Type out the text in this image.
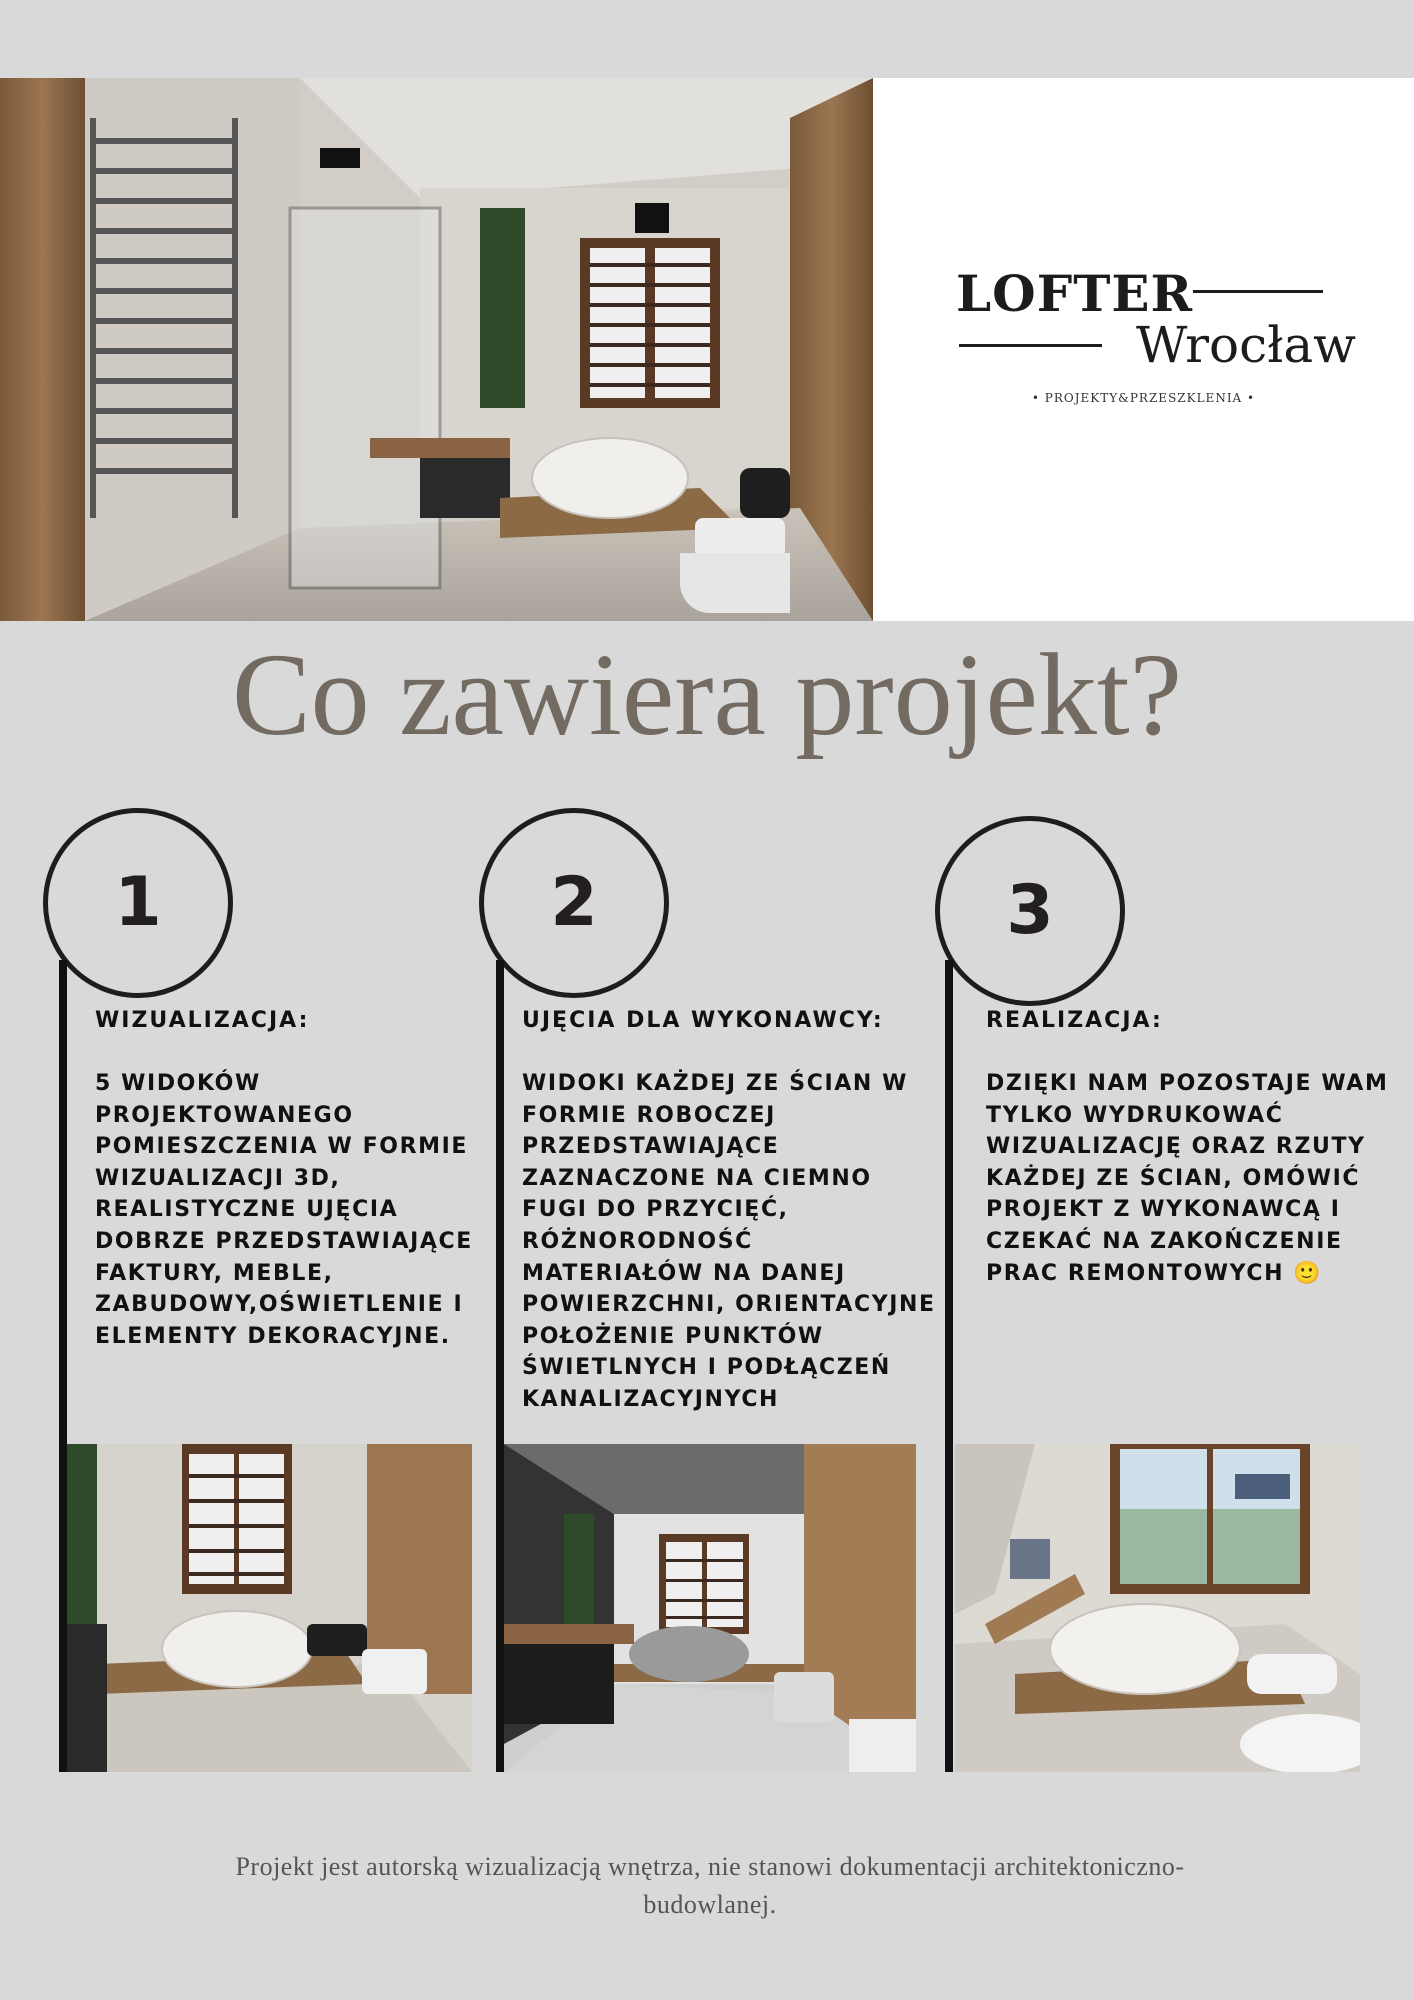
LOFTER
Wrocław
• PROJEKTY&PRZESZKLENIA •
Co zawiera projekt?
1
WIZUALIZACJA:
5 WIDOKÓW
PROJEKTOWANEGO
POMIESZCZENIA W FORMIE
WIZUALIZACJI 3D,
REALISTYCZNE UJĘCIA
DOBRZE PRZEDSTAWIAJĄCE
FAKTURY, MEBLE,
ZABUDOWY,OŚWIETLENIE I
ELEMENTY DEKORACYJNE.
2
UJĘCIA DLA WYKONAWCY:
WIDOKI KAŻDEJ ZE ŚCIAN W
FORMIE ROBOCZEJ
PRZEDSTAWIAJĄCE
ZAZNACZONE NA CIEMNO
FUGI DO PRZYCIĘĆ,
RÓŻNORODNOŚĆ
MATERIAŁÓW NA DANEJ
POWIERZCHNI, ORIENTACYJNE
POŁOŻENIE PUNKTÓW
ŚWIETLNYCH I PODŁĄCZEŃ
KANALIZACYJNYCH
3
REALIZACJA:
DZIĘKI NAM POZOSTAJE WAM
TYLKO WYDRUKOWAĆ
WIZUALIZACJĘ ORAZ RZUTY
KAŻDEJ ZE ŚCIAN, OMÓWIĆ
PROJEKT Z WYKONAWCĄ I
CZEKAĆ NA ZAKOŃCZENIE
PRAC REMONTOWYCH 🙂
Projekt jest autorską wizualizacją wnętrza, nie stanowi dokumentacji architektoniczno-
budowlanej.
